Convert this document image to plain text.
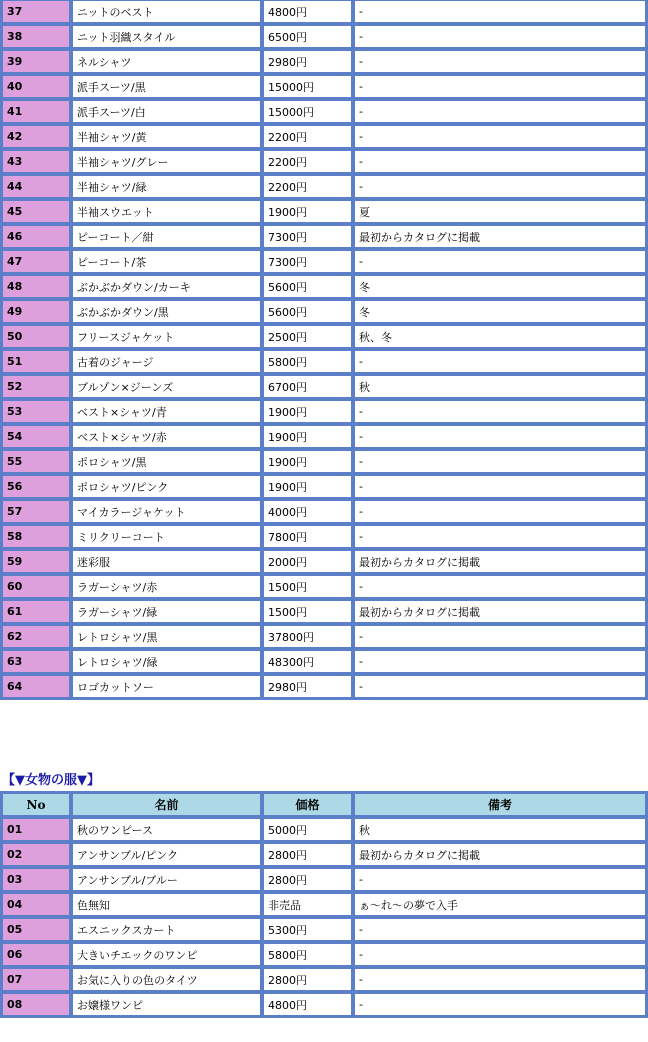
37	ニットのベスト	4800円	-
38	ニット羽織スタイル	6500円	-
39	ネルシャツ	2980円	-
40	派手スーツ/黒	15000円	-
41	派手スーツ/白	15000円	-
42	半袖シャツ/黄	2200円	-
43	半袖シャツ/グレー	2200円	-
44	半袖シャツ/緑	2200円	-
45	半袖スウエット	1900円	夏
46	ピーコート／紺	7300円	最初からカタログに掲載
47	ピーコート/茶	7300円	-
48	ぶかぶかダウン/カーキ	5600円	冬
49	ぶかぶかダウン/黒	5600円	冬
50	フリースジャケット	2500円	秋、冬
51	古着のジャージ	5800円	-
52	ブルゾン×ジーンズ	6700円	秋
53	ベスト×シャツ/青	1900円	-
54	ベスト×シャツ/赤	1900円	-
55	ポロシャツ/黒	1900円	-
56	ポロシャツ/ピンク	1900円	-
57	マイカラージャケット	4000円	-
58	ミリクリーコート	7800円	-
59	迷彩服	2000円	最初からカタログに掲載
60	ラガーシャツ/赤	1500円	-
61	ラガーシャツ/緑	1500円	最初からカタログに掲載
62	レトロシャツ/黒	37800円	-
63	レトロシャツ/緑	48300円	-
64	ロゴカットソー	2980円	-
【▼女物の服▼】
No	名前	価格	備考
01	秋のワンピース	5000円	秋
02	アンサンブル/ピンク	2800円	最初からカタログに掲載
03	アンサンブル/ブルー	2800円	-
04	色無知	非売品	ぁ～れ～の夢で入手
05	エスニックスカート	5300円	-
06	大きいチエックのワンピ	5800円	-
07	お気に入りの色のタイツ	2800円	-
08	お嬢様ワンピ	4800円	-
